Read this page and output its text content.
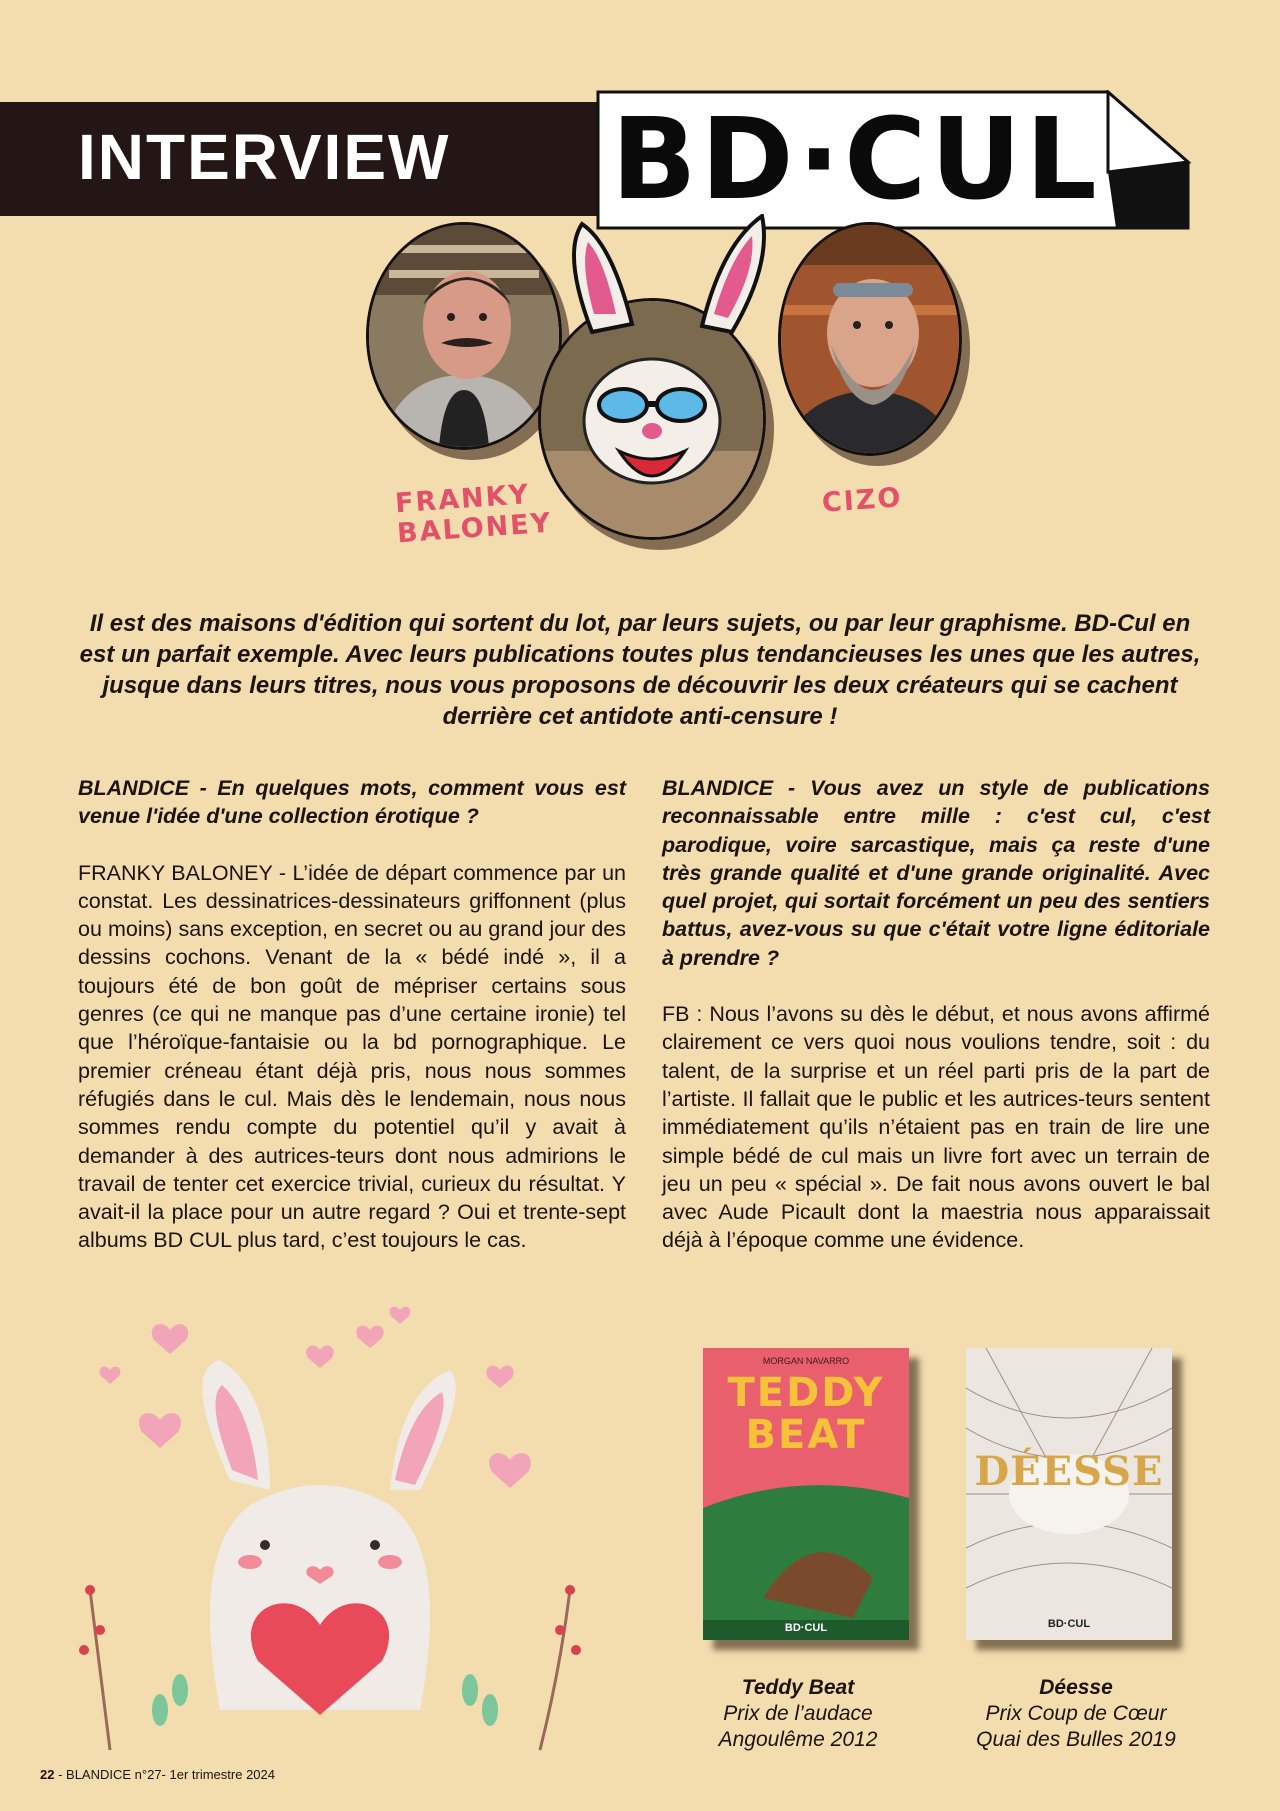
INTERVIEW BD·CUL
FRANKY
BALONEY
CIZO
Il est des maisons d'édition qui sortent du lot, par leurs sujets, ou par leur graphisme. BD-Cul en est un parfait exemple. Avec leurs publications toutes plus tendancieuses les unes que les autres, jusque dans leurs titres, nous vous proposons de découvrir les deux créateurs qui se cachent derrière cet antidote anti-censure !

BLANDICE - En quelques mots, comment vous est venue l'idée d'une collection érotique ?

FRANKY BALONEY - L’idée de départ commence par un constat. Les dessinatrices-dessinateurs griffonnent (plus ou moins) sans exception, en secret ou au grand jour des dessins cochons. Venant de la « bédé indé », il a toujours été de bon goût de mépriser certains sous genres (ce qui ne manque pas d’une certaine ironie) tel que l’héroïque-fantaisie ou la bd pornographique. Le premier créneau étant déjà pris, nous nous sommes réfugiés dans le cul. Mais dès le lendemain, nous nous sommes rendu compte du potentiel qu’il y avait à demander à des autrices-teurs dont nous admirions le travail de tenter cet exercice trivial, curieux du résultat. Y avait-il la place pour un autre regard ? Oui et trente-sept albums BD CUL plus tard, c’est toujours le cas.

BLANDICE - Vous avez un style de publications reconnaissable entre mille : c'est cul, c'est parodique, voire sarcastique, mais ça reste d'une très grande qualité et d'une grande originalité. Avec quel projet, qui sortait forcément un peu des sentiers battus, avez-vous su que c'était votre ligne éditoriale à prendre ?

FB : Nous l’avons su dès le début, et nous avons affirmé clairement ce vers quoi nous voulions tendre, soit : du talent, de la surprise et un réel parti pris de la part de l’artiste. Il fallait que le public et les autrices-teurs sentent immédiatement qu’ils n’étaient pas en train de lire une simple bédé de cul mais un livre fort avec un terrain de jeu un peu « spécial ». De fait nous avons ouvert le bal avec Aude Picault dont la maestria nous apparaissait déjà à l’époque comme une évidence.

MORGAN NAVARRO
TEDDY
BEAT
BD·CUL
DÉESSE
BD·CUL
Teddy Beat
Prix de l’audace
Angoulême 2012
Déesse
Prix Coup de Cœur
Quai des Bulles 2019
22 - BLANDICE n°27- 1er trimestre 2024
